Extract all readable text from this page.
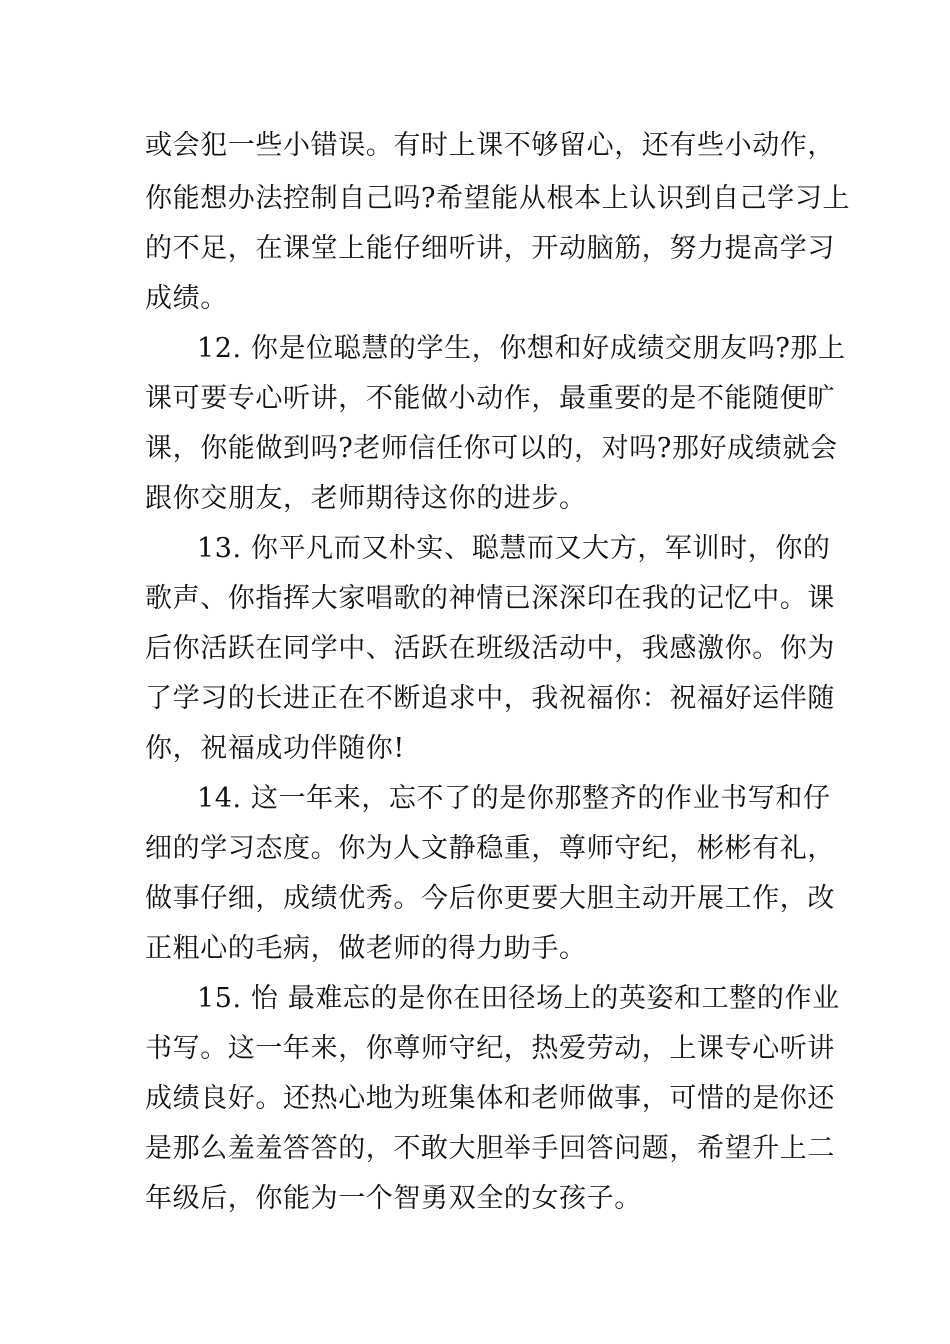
或会犯一些小错误。有时上课不够留心，还有些小动作，
你能想办法控制自己吗?希望能从根本上认识到自己学习上
的不足，在课堂上能仔细听讲，开动脑筋，努力提高学习
成绩。
12. 你是位聪慧的学生，你想和好成绩交朋友吗?那上
课可要专心听讲，不能做小动作，最重要的是不能随便旷
课，你能做到吗?老师信任你可以的，对吗?那好成绩就会
跟你交朋友，老师期待这你的进步。
13. 你平凡而又朴实、聪慧而又大方，军训时，你的
歌声、你指挥大家唱歌的神情已深深印在我的记忆中。课
后你活跃在同学中、活跃在班级活动中，我感激你。你为
了学习的长进正在不断追求中，我祝福你：祝福好运伴随
你，祝福成功伴随你!
14. 这一年来，忘不了的是你那整齐的作业书写和仔
细的学习态度。你为人文静稳重，尊师守纪，彬彬有礼，
做事仔细，成绩优秀。今后你更要大胆主动开展工作，改
正粗心的毛病，做老师的得力助手。
15. 怡 最难忘的是你在田径场上的英姿和工整的作业
书写。这一年来，你尊师守纪，热爱劳动，上课专心听讲
成绩良好。还热心地为班集体和老师做事，可惜的是你还
是那么羞羞答答的，不敢大胆举手回答问题，希望升上二
年级后，你能为一个智勇双全的女孩子。
